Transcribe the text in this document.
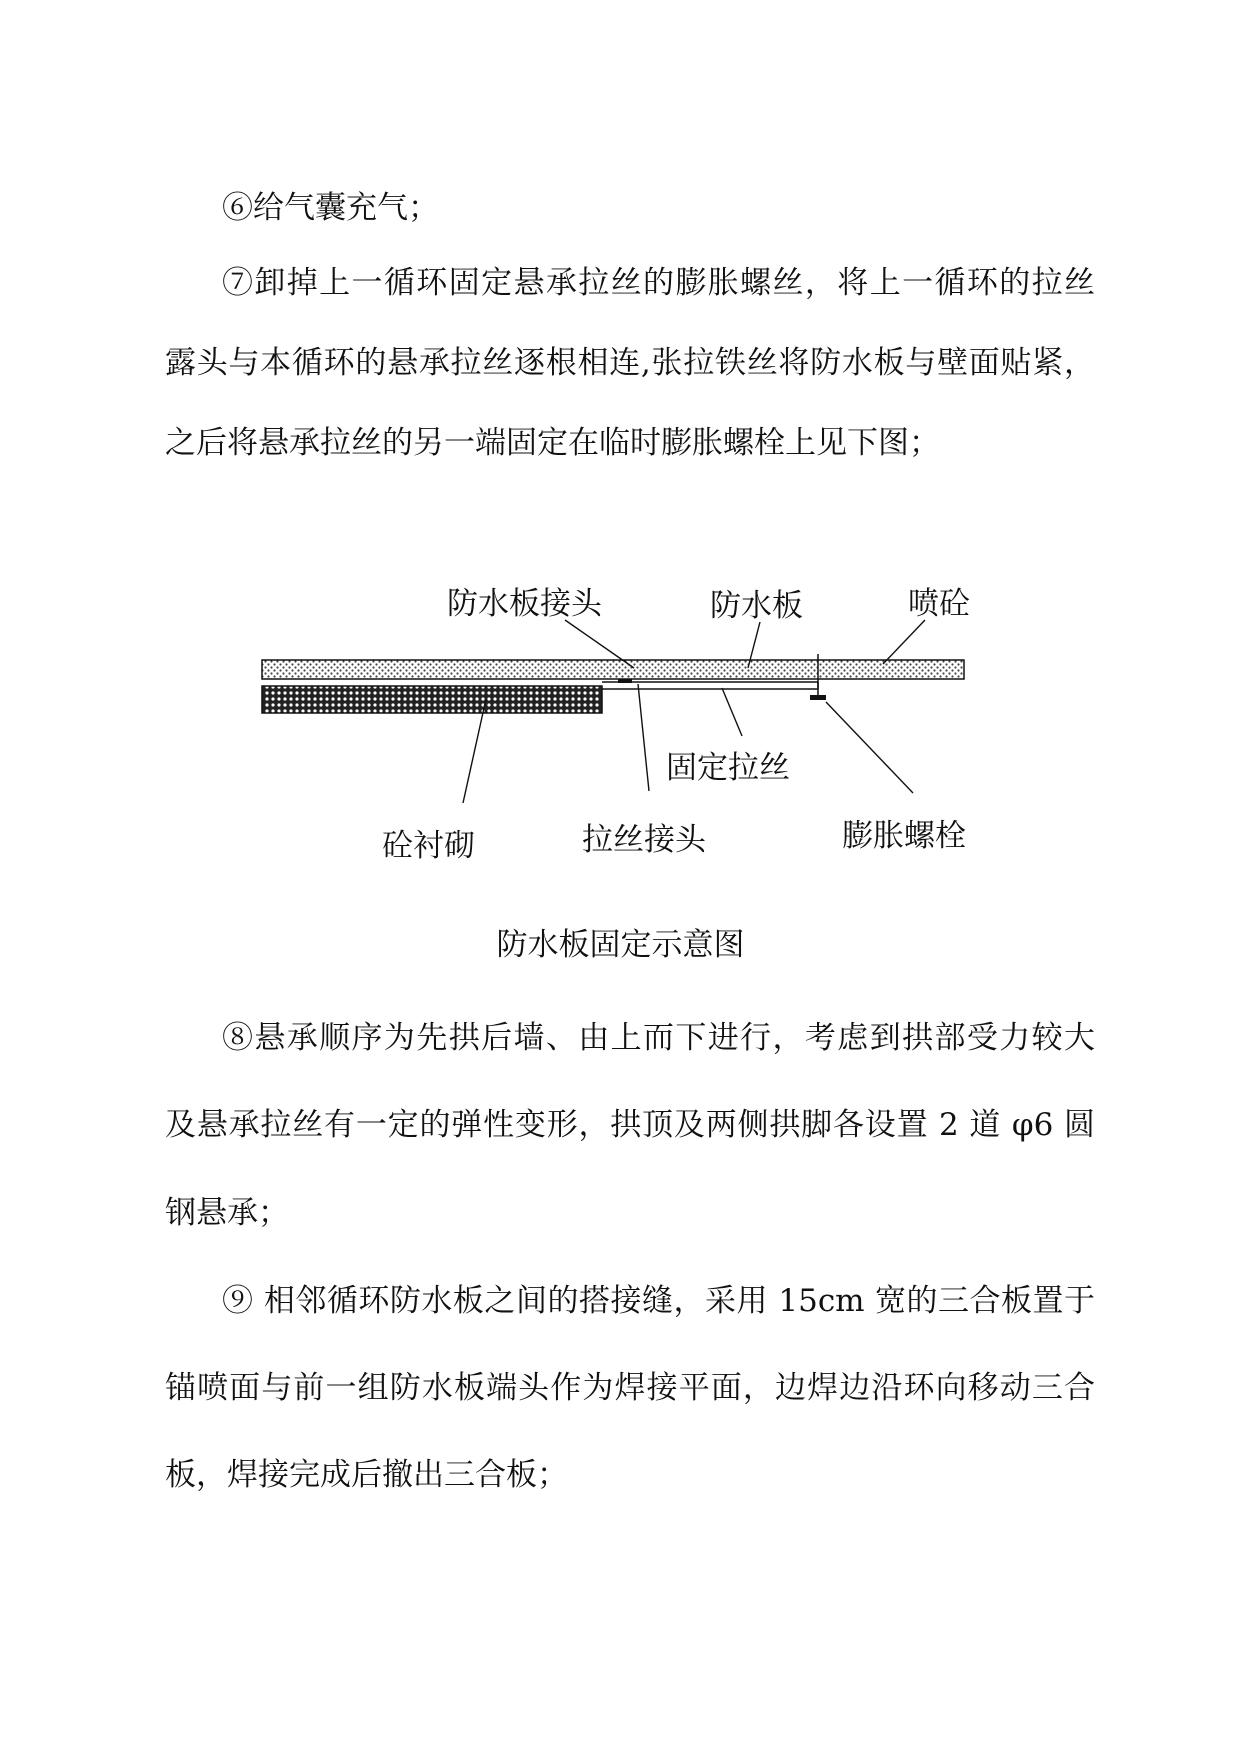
⑥给气囊充气；
⑦卸掉上一循环固定悬承拉丝的膨胀螺丝，将上一循环的拉丝
露头与本循环的悬承拉丝逐根相连,张拉铁丝将防水板与壁面贴紧，
之后将悬承拉丝的另一端固定在临时膨胀螺栓上见下图；
防水板接头	防水板	喷砼
固定拉丝
砼衬砌	拉丝接头	膨胀螺栓
防水板固定示意图
⑧悬承顺序为先拱后墙、由上而下进行，考虑到拱部受力较大
及悬承拉丝有一定的弹性变形，拱顶及两侧拱脚各设置 2 道 φ6 圆
钢悬承；
⑨ 相邻循环防水板之间的搭接缝，采用 15cm 宽的三合板置于
锚喷面与前一组防水板端头作为焊接平面，边焊边沿环向移动三合
板，焊接完成后撤出三合板；
